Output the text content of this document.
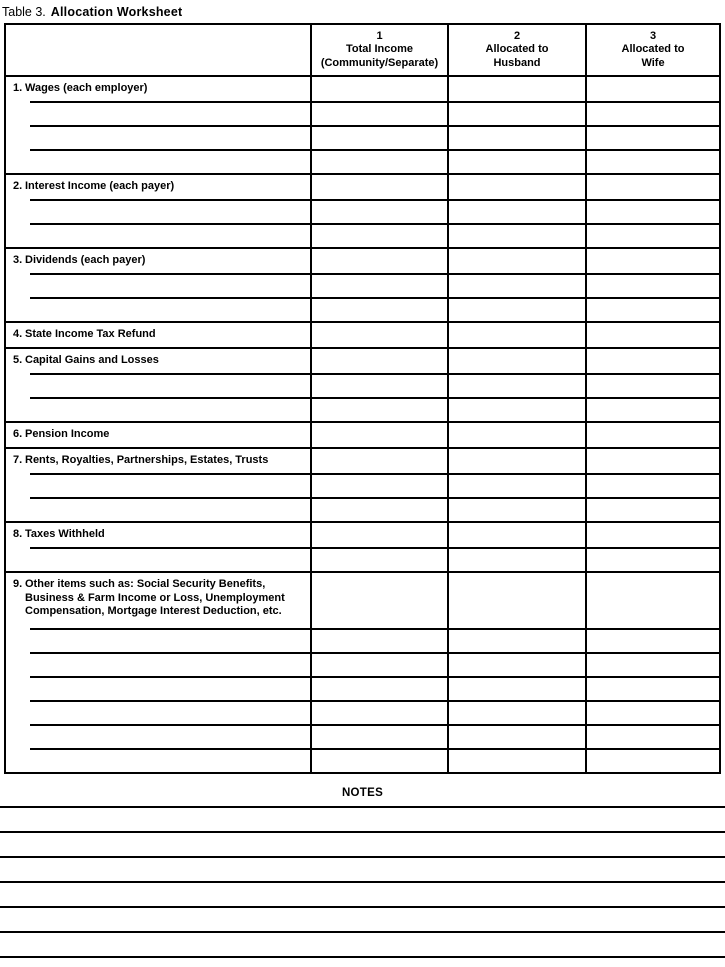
Table 3. Allocation Worksheet
1
Total Income
(Community/Separate)
2
Allocated to
Husband
3
Allocated to
Wife
1. Wages (each employer)
2. Interest Income (each payer)
3. Dividends (each payer)
4. State Income Tax Refund
5. Capital Gains and Losses
6. Pension Income
7. Rents, Royalties, Partnerships, Estates, Trusts
8. Taxes Withheld
9. Other items such as: Social Security Benefits, Business & Farm Income or Loss, Unemployment Compensation, Mortgage Interest Deduction, etc.
NOTES
